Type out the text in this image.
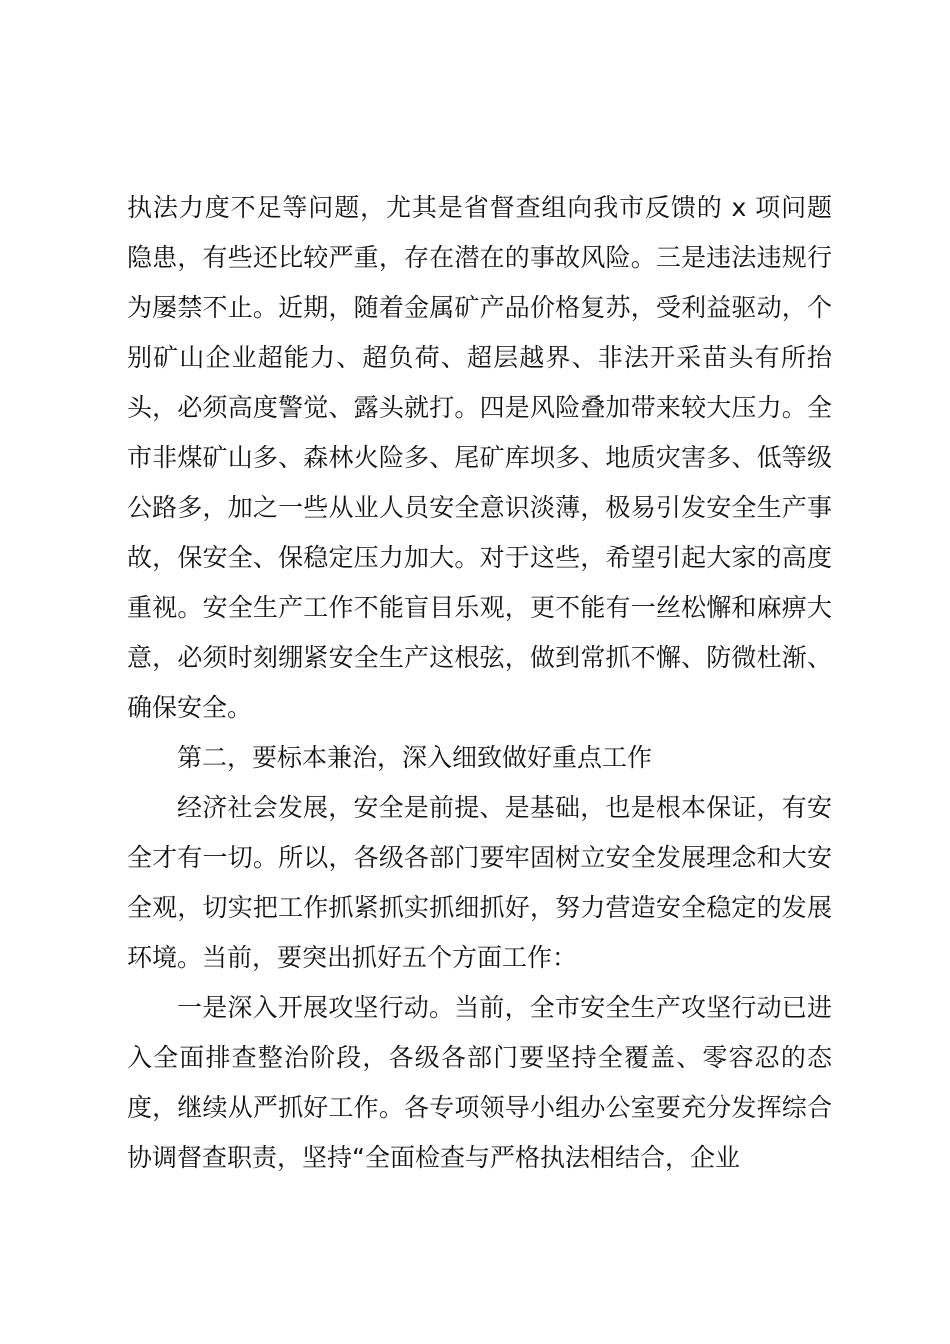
执法力度不足等问题，尤其是省督查组向我市反馈的 x 项问题隐患，有些还比较严重，存在潜在的事故风险。三是违法违规行为屡禁不止。近期，随着金属矿产品价格复苏，受利益驱动，个别矿山企业超能力、超负荷、超层越界、非法开采苗头有所抬头，必须高度警觉、露头就打。四是风险叠加带来较大压力。全市非煤矿山多、森林火险多、尾矿库坝多、地质灾害多、低等级公路多，加之一些从业人员安全意识淡薄，极易引发安全生产事故，保安全、保稳定压力加大。对于这些，希望引起大家的高度重视。安全生产工作不能盲目乐观，更不能有一丝松懈和麻痹大意，必须时刻绷紧安全生产这根弦，做到常抓不懈、防微杜渐、确保安全。

第二，要标本兼治，深入细致做好重点工作

经济社会发展，安全是前提、是基础，也是根本保证，有安全才有一切。所以，各级各部门要牢固树立安全发展理念和大安全观，切实把工作抓紧抓实抓细抓好，努力营造安全稳定的发展环境。当前，要突出抓好五个方面工作：

一是深入开展攻坚行动。当前，全市安全生产攻坚行动已进入全面排查整治阶段，各级各部门要坚持全覆盖、零容忍的态度，继续从严抓好工作。各专项领导小组办公室要充分发挥综合协调督查职责，坚持“全面检查与严格执法相结合，企业
